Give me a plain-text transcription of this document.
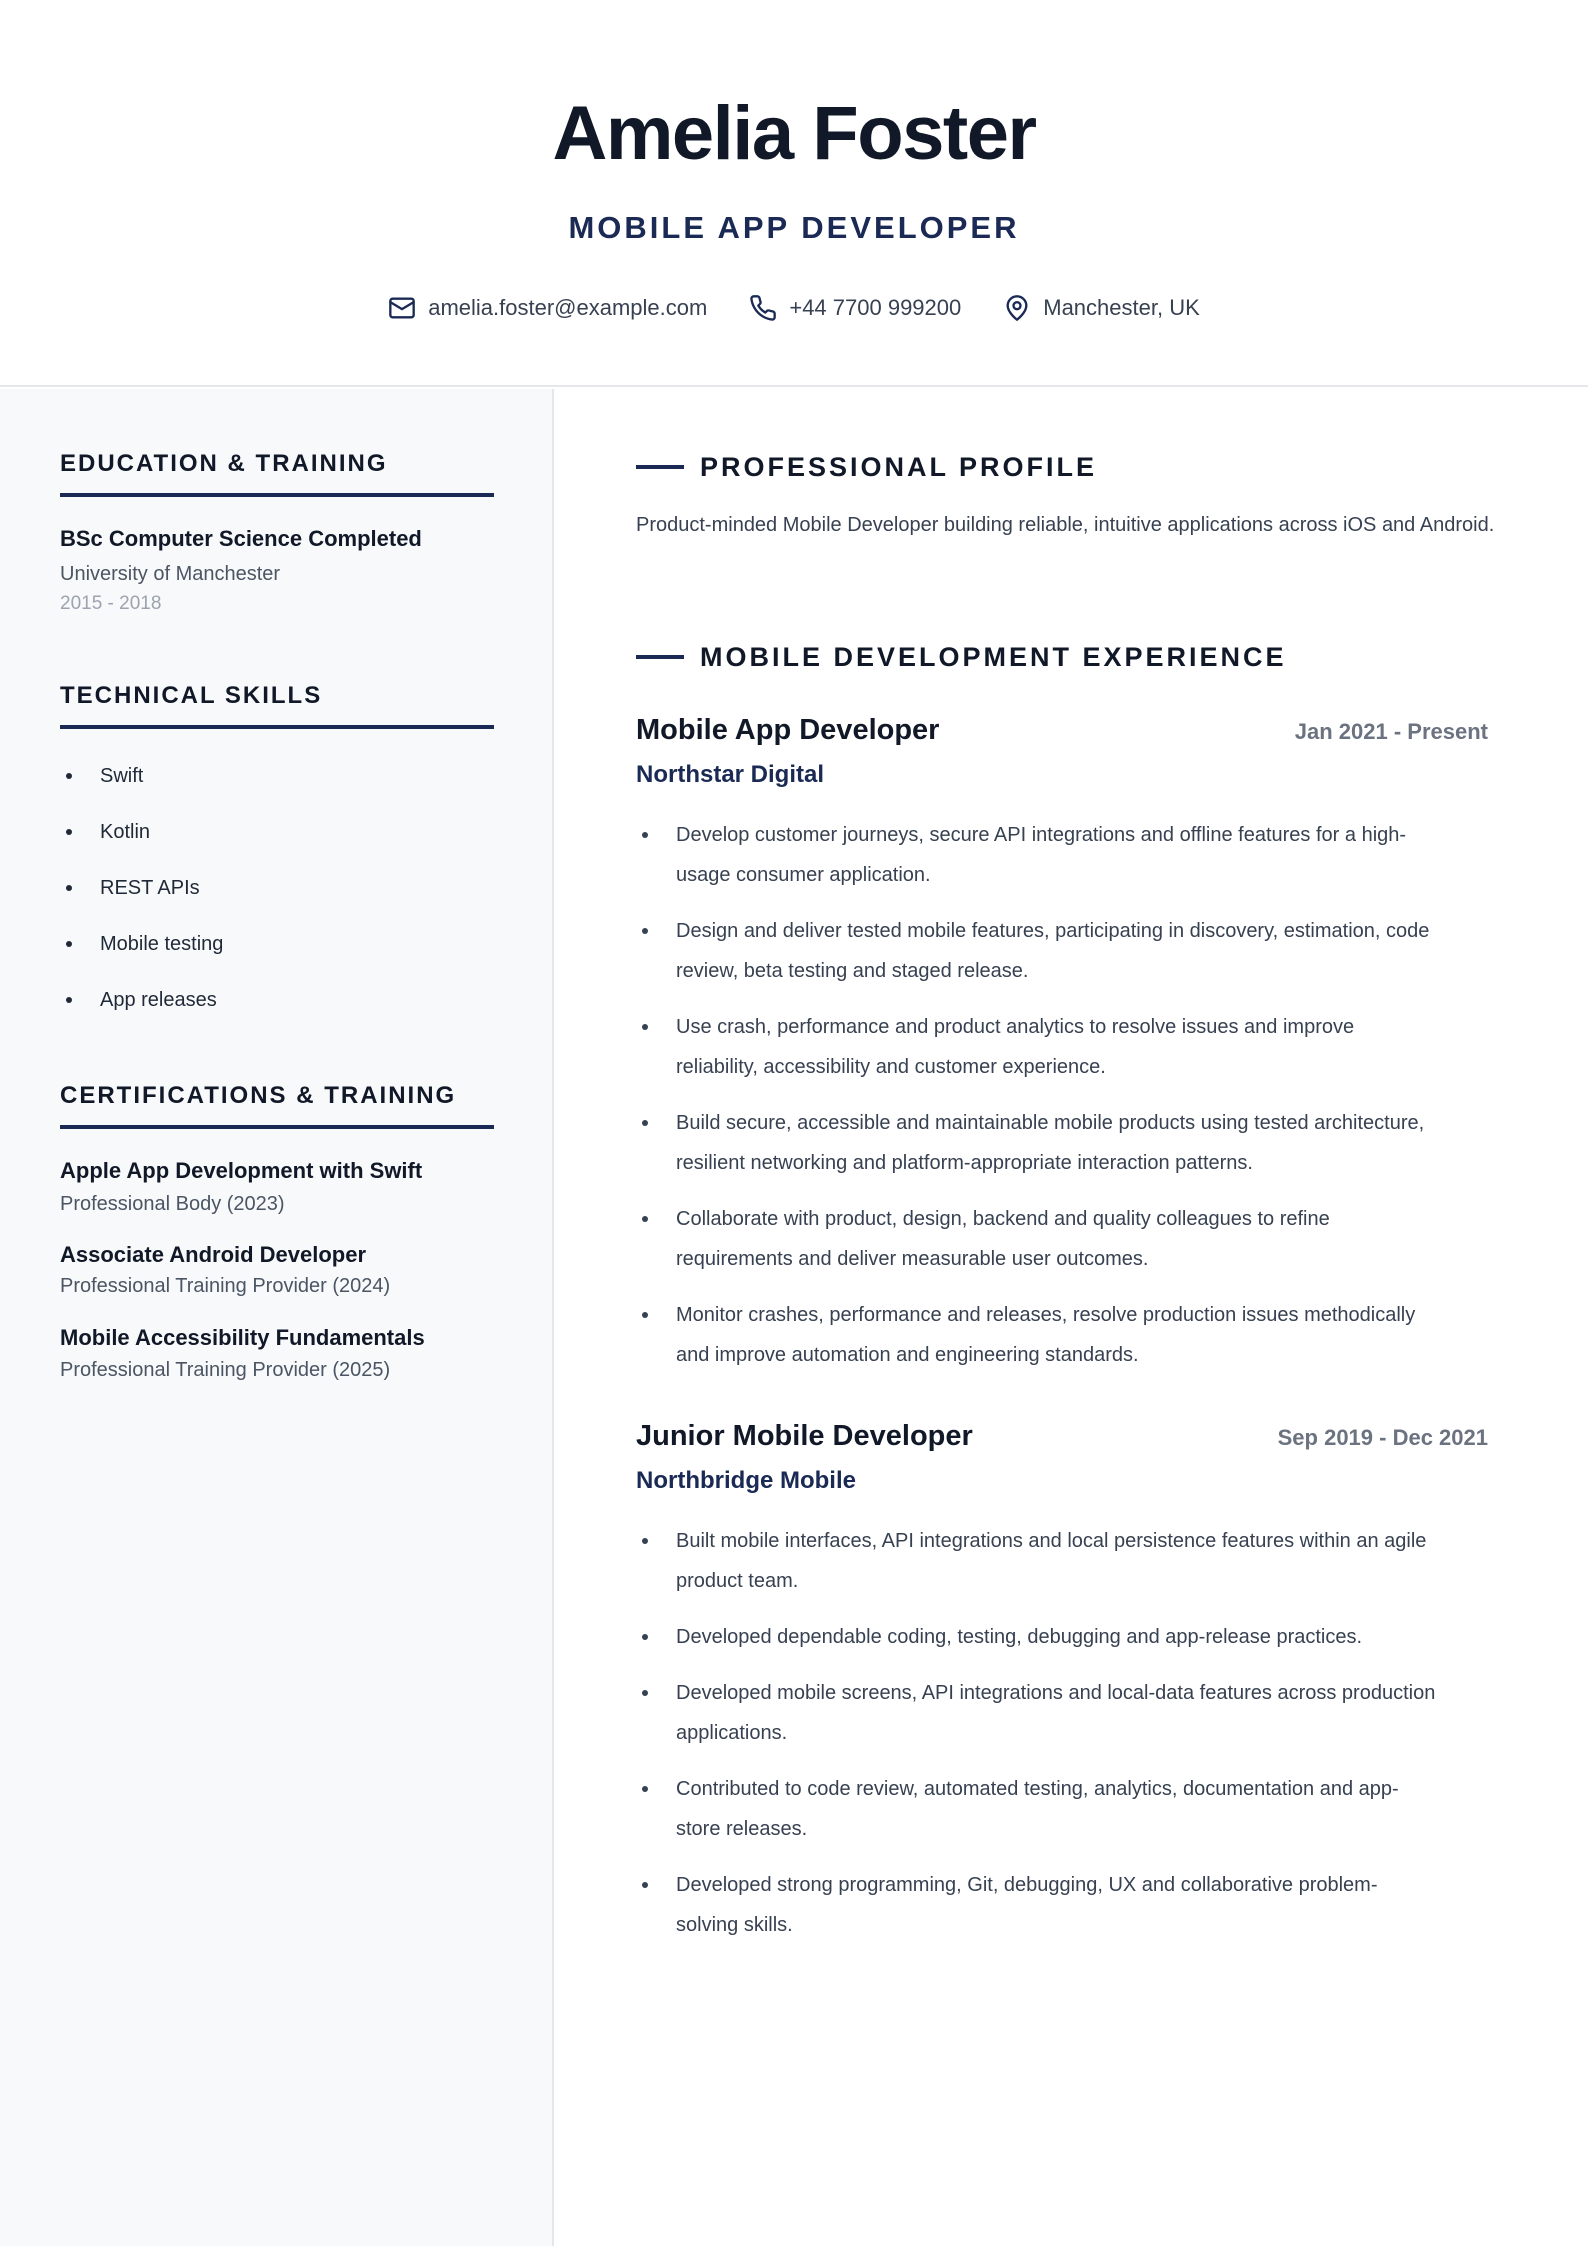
Amelia Foster
MOBILE APP DEVELOPER
amelia.foster@example.com	+44 7700 999200	Manchester, UK
EDUCATION & TRAINING
BSc Computer Science Completed
University of Manchester
2015 - 2018
TECHNICAL SKILLS
Swift
Kotlin
REST APIs
Mobile testing
App releases
CERTIFICATIONS & TRAINING
Apple App Development with Swift
Professional Body (2023)
Associate Android Developer
Professional Training Provider (2024)
Mobile Accessibility Fundamentals
Professional Training Provider (2025)
PROFESSIONAL PROFILE
Product-minded Mobile Developer building reliable, intuitive applications across iOS and Android.
MOBILE DEVELOPMENT EXPERIENCE
Mobile App Developer	Jan 2021 - Present
Northstar Digital
Develop customer journeys, secure API integrations and offline features for a high-
usage consumer application.
Design and deliver tested mobile features, participating in discovery, estimation, code
review, beta testing and staged release.
Use crash, performance and product analytics to resolve issues and improve
reliability, accessibility and customer experience.
Build secure, accessible and maintainable mobile products using tested architecture,
resilient networking and platform-appropriate interaction patterns.
Collaborate with product, design, backend and quality colleagues to refine
requirements and deliver measurable user outcomes.
Monitor crashes, performance and releases, resolve production issues methodically
and improve automation and engineering standards.
Junior Mobile Developer	Sep 2019 - Dec 2021
Northbridge Mobile
Built mobile interfaces, API integrations and local persistence features within an agile
product team.
Developed dependable coding, testing, debugging and app-release practices.
Developed mobile screens, API integrations and local-data features across production
applications.
Contributed to code review, automated testing, analytics, documentation and app-
store releases.
Developed strong programming, Git, debugging, UX and collaborative problem-
solving skills.
